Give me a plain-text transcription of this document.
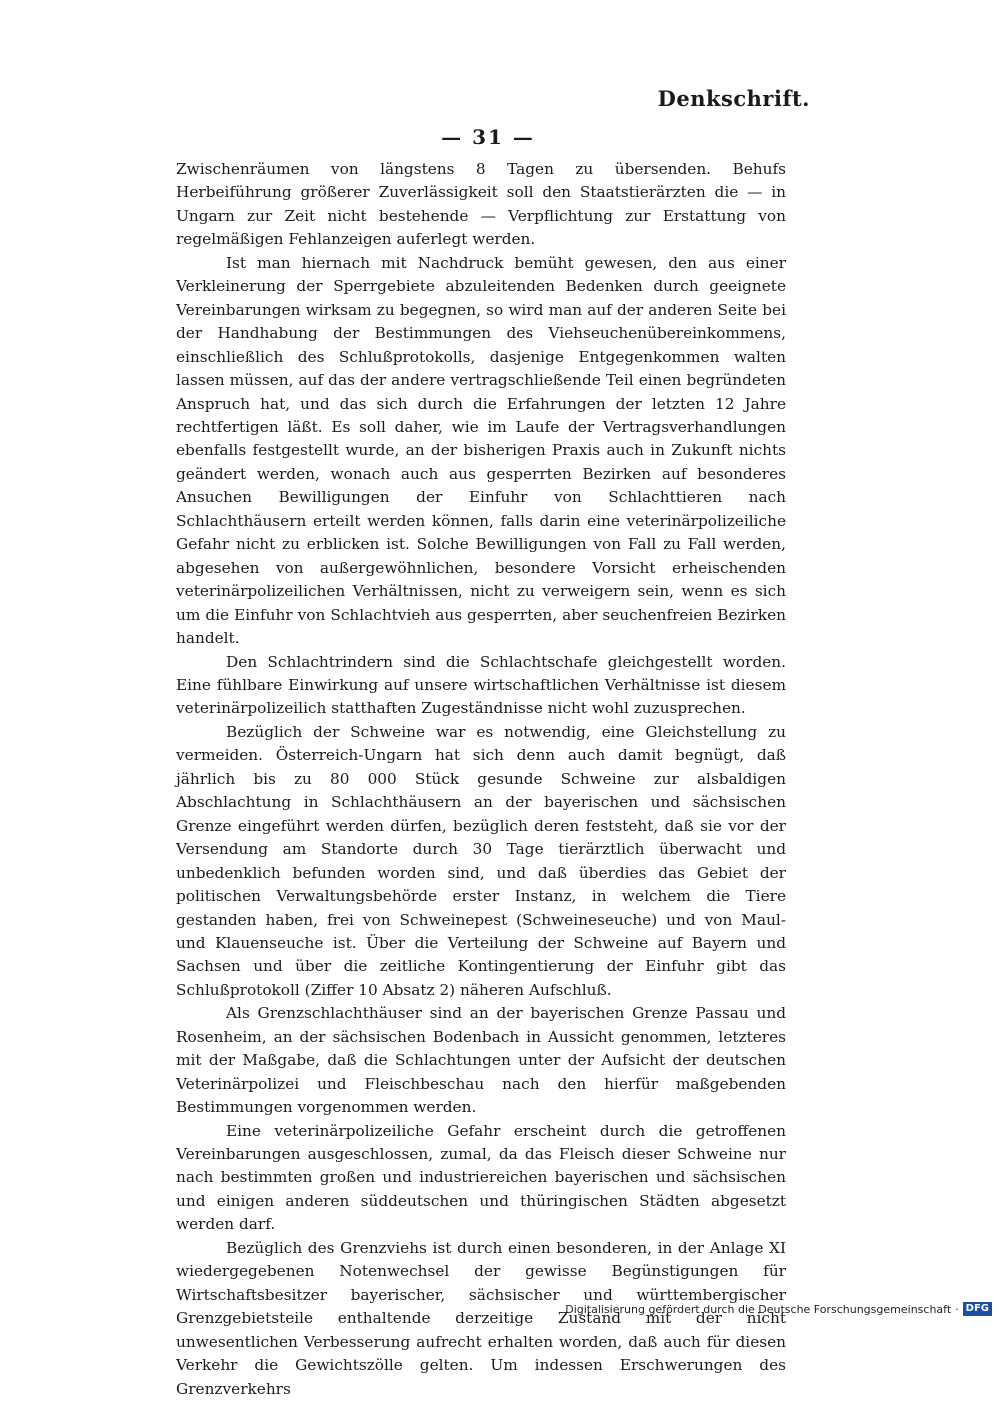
Denkschrift.
— 31 —

Zwischenräumen von längstens 8 Tagen zu übersenden. Behufs Herbeiführung größerer Zuverlässigkeit soll den Staatstierärzten die — in Ungarn zur Zeit nicht bestehende — Verpflichtung zur Erstattung von regelmäßigen Fehlanzeigen auferlegt werden.

Ist man hiernach mit Nachdruck bemüht gewesen, den aus einer Verkleinerung der Sperrgebiete abzuleitenden Bedenken durch geeignete Vereinbarungen wirksam zu begegnen, so wird man auf der anderen Seite bei der Handhabung der Bestimmungen des Viehseuchenübereinkommens, einschließlich des Schlußprotokolls, dasjenige Entgegenkommen walten lassen müssen, auf das der andere vertragschließende Teil einen begründeten Anspruch hat, und das sich durch die Erfahrungen der letzten 12 Jahre rechtfertigen läßt. Es soll daher, wie im Laufe der Vertragsverhandlungen ebenfalls festgestellt wurde, an der bisherigen Praxis auch in Zukunft nichts geändert werden, wonach auch aus gesperrten Bezirken auf besonderes Ansuchen Bewilligungen der Einfuhr von Schlachttieren nach Schlachthäusern erteilt werden können, falls darin eine veterinärpolizeiliche Gefahr nicht zu erblicken ist. Solche Bewilligungen von Fall zu Fall werden, abgesehen von außergewöhnlichen, besondere Vorsicht erheischenden veterinärpolizeilichen Verhältnissen, nicht zu verweigern sein, wenn es sich um die Einfuhr von Schlachtvieh aus gesperrten, aber seuchenfreien Bezirken handelt.

Den Schlachtrindern sind die Schlachtschafe gleichgestellt worden. Eine fühlbare Einwirkung auf unsere wirtschaftlichen Verhältnisse ist diesem veterinärpolizeilich statthaften Zugeständnisse nicht wohl zuzusprechen.

Bezüglich der Schweine war es notwendig, eine Gleichstellung zu vermeiden. Österreich-Ungarn hat sich denn auch damit begnügt, daß jährlich bis zu 80 000 Stück gesunde Schweine zur alsbaldigen Abschlachtung in Schlachthäusern an der bayerischen und sächsischen Grenze eingeführt werden dürfen, bezüglich deren feststeht, daß sie vor der Versendung am Standorte durch 30 Tage tierärztlich überwacht und unbedenklich befunden worden sind, und daß überdies das Gebiet der politischen Verwaltungsbehörde erster Instanz, in welchem die Tiere gestanden haben, frei von Schweinepest (Schweineseuche) und von Maul- und Klauenseuche ist. Über die Verteilung der Schweine auf Bayern und Sachsen und über die zeitliche Kontingentierung der Einfuhr gibt das Schlußprotokoll (Ziffer 10 Absatz 2) näheren Aufschluß.

Als Grenzschlachthäuser sind an der bayerischen Grenze Passau und Rosenheim, an der sächsischen Bodenbach in Aussicht genommen, letzteres mit der Maßgabe, daß die Schlachtungen unter der Aufsicht der deutschen Veterinärpolizei und Fleischbeschau nach den hierfür maßgebenden Bestimmungen vorgenommen werden.

Eine veterinärpolizeiliche Gefahr erscheint durch die getroffenen Vereinbarungen ausgeschlossen, zumal, da das Fleisch dieser Schweine nur nach bestimmten großen und industriereichen bayerischen und sächsischen und einigen anderen süddeutschen und thüringischen Städten abgesetzt werden darf.

Bezüglich des Grenzviehs ist durch einen besonderen, in der Anlage XI wiedergegebenen Notenwechsel der gewisse Begünstigungen für Wirtschaftsbesitzer bayerischer, sächsischer und württembergischer Grenzgebietsteile enthaltende derzeitige Zustand mit der nicht unwesentlichen Verbesserung aufrecht erhalten worden, daß auch für diesen Verkehr die Gewichtszölle gelten. Um indessen Erschwerungen des Grenzverkehrs

Digitalisierung gefördert durch die Deutsche Forschungsgemeinschaft · DFG
